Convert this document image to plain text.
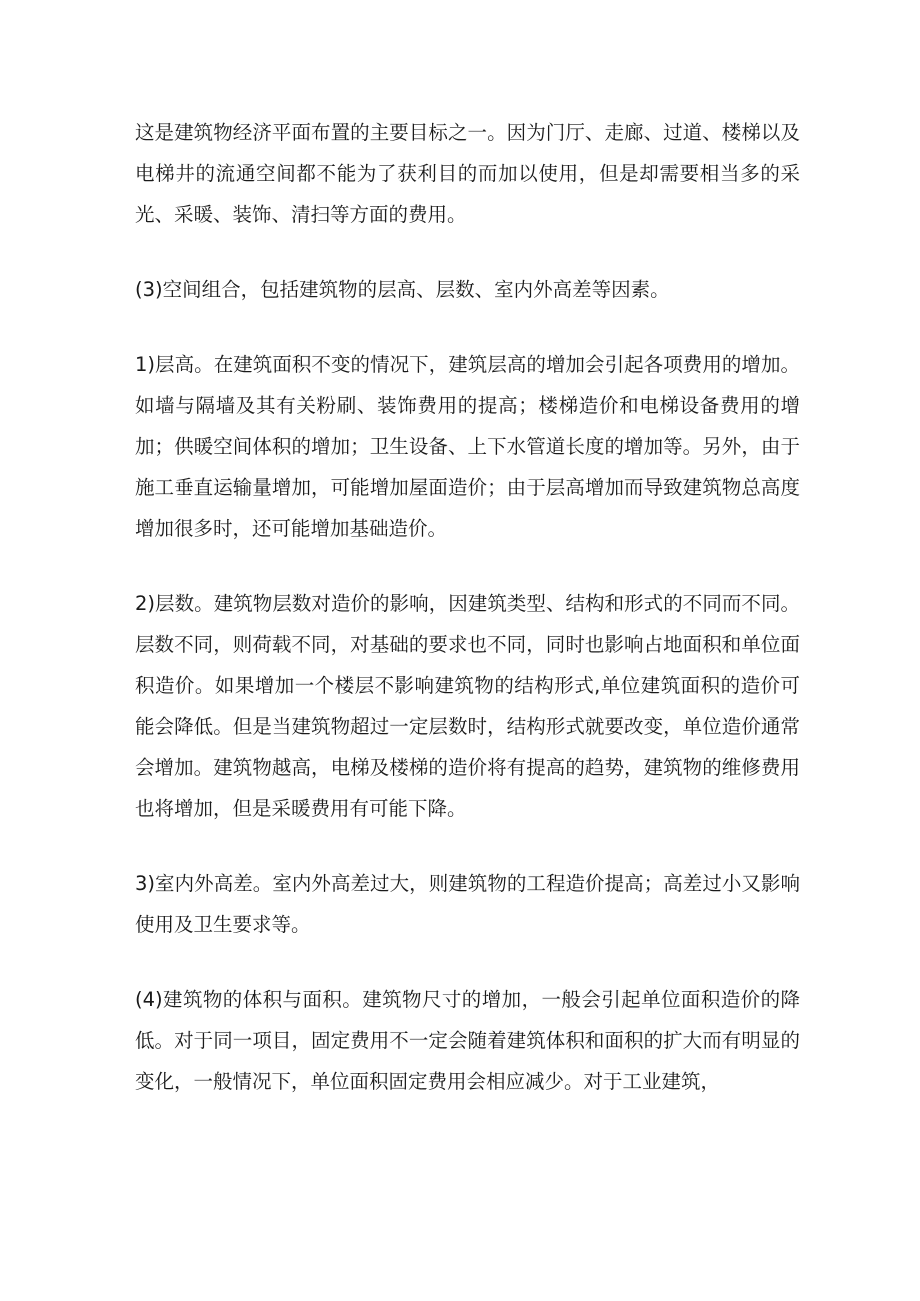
这是建筑物经济平面布置的主要目标之一。因为门厅、走廊、过道、楼梯以及电梯井的流通空间都不能为了获利目的而加以使用，但是却需要相当多的采光、采暖、装饰、清扫等方面的费用。

(3)空间组合，包括建筑物的层高、层数、室内外高差等因素。

1)层高。在建筑面积不变的情况下，建筑层高的增加会引起各项费用的增加。如墙与隔墙及其有关粉刷、装饰费用的提高；楼梯造价和电梯设备费用的增加；供暖空间体积的增加；卫生设备、上下水管道长度的增加等。另外，由于施工垂直运输量增加，可能增加屋面造价；由于层高增加而导致建筑物总高度增加很多时，还可能增加基础造价。

2)层数。建筑物层数对造价的影响，因建筑类型、结构和形式的不同而不同。层数不同，则荷载不同，对基础的要求也不同，同时也影响占地面积和单位面积造价。如果增加一个楼层不影响建筑物的结构形式,单位建筑面积的造价可能会降低。但是当建筑物超过一定层数时，结构形式就要改变，单位造价通常会增加。建筑物越高，电梯及楼梯的造价将有提高的趋势，建筑物的维修费用也将增加，但是采暖费用有可能下降。

3)室内外高差。室内外高差过大，则建筑物的工程造价提高；高差过小又影响使用及卫生要求等。

(4)建筑物的体积与面积。建筑物尺寸的增加，一般会引起单位面积造价的降低。对于同一项目，固定费用不一定会随着建筑体积和面积的扩大而有明显的变化，一般情况下，单位面积固定费用会相应减少。对于工业建筑，
